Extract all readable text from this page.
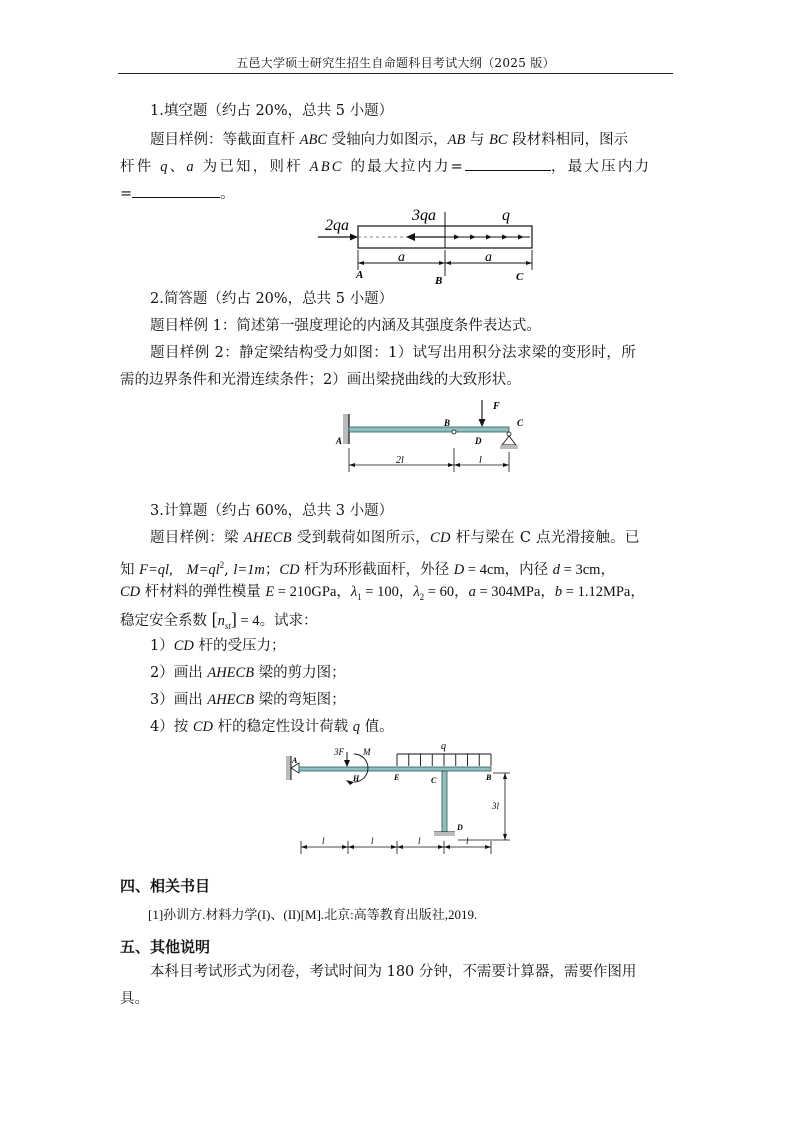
五邑大学硕士研究生招生自命题科目考试大纲（2025 版）
1.填空题（约占 20%，总共 5 小题）
题目样例：等截面直杆 ABC 受轴向力如图示，AB 与 BC 段材料相同，图示
杆件 q、a 为已知，则杆 ABC 的最大拉内力=	，最大压内力
=	。
2qa
3qa	q
a	a
A	B	C
2.简答题（约占 20%，总共 5 小题）
题目样例 1：简述第一强度理论的内涵及其强度条件表达式。
题目样例 2：静定梁结构受力如图：1）试写出用积分法求梁的变形时，所
需的边界条件和光滑连续条件；2）画出梁挠曲线的大致形状。
A
B	C
D
F
2l	l
3.计算题（约占 60%，总共 3 小题）
题目样例：梁 AHECB 受到载荷如图所示，CD 杆与梁在 C 点光滑接触。已
知 F=ql, $M=ql^2$, l=1m；CD 杆为环形截面杆，外径 D = 4cm，内径 d = 3cm，
CD 杆材料的弹性模量 E = 210GPa，$\lambda_1 = 100$，$\lambda_2 = 60$，a = 304MPa，b = 1.12MPa，
稳定安全系数 $[n_{st}] = 4$。试求：
1）CD 杆的受压力；
2）画出 AHECB 梁的剪力图；
3）画出 AHECB 梁的弯矩图；
4）按 CD 杆的稳定性设计荷载 q 值。
A
H	E	C	B
D
3F M	q
3l
l	l	l	l
四、相关书目
[1]孙训方.材料力学(I)、(II)[M].北京:高等教育出版社,2019.
五、其他说明
本科目考试形式为闭卷，考试时间为 180 分钟，不需要计算器，需要作图用
具。
